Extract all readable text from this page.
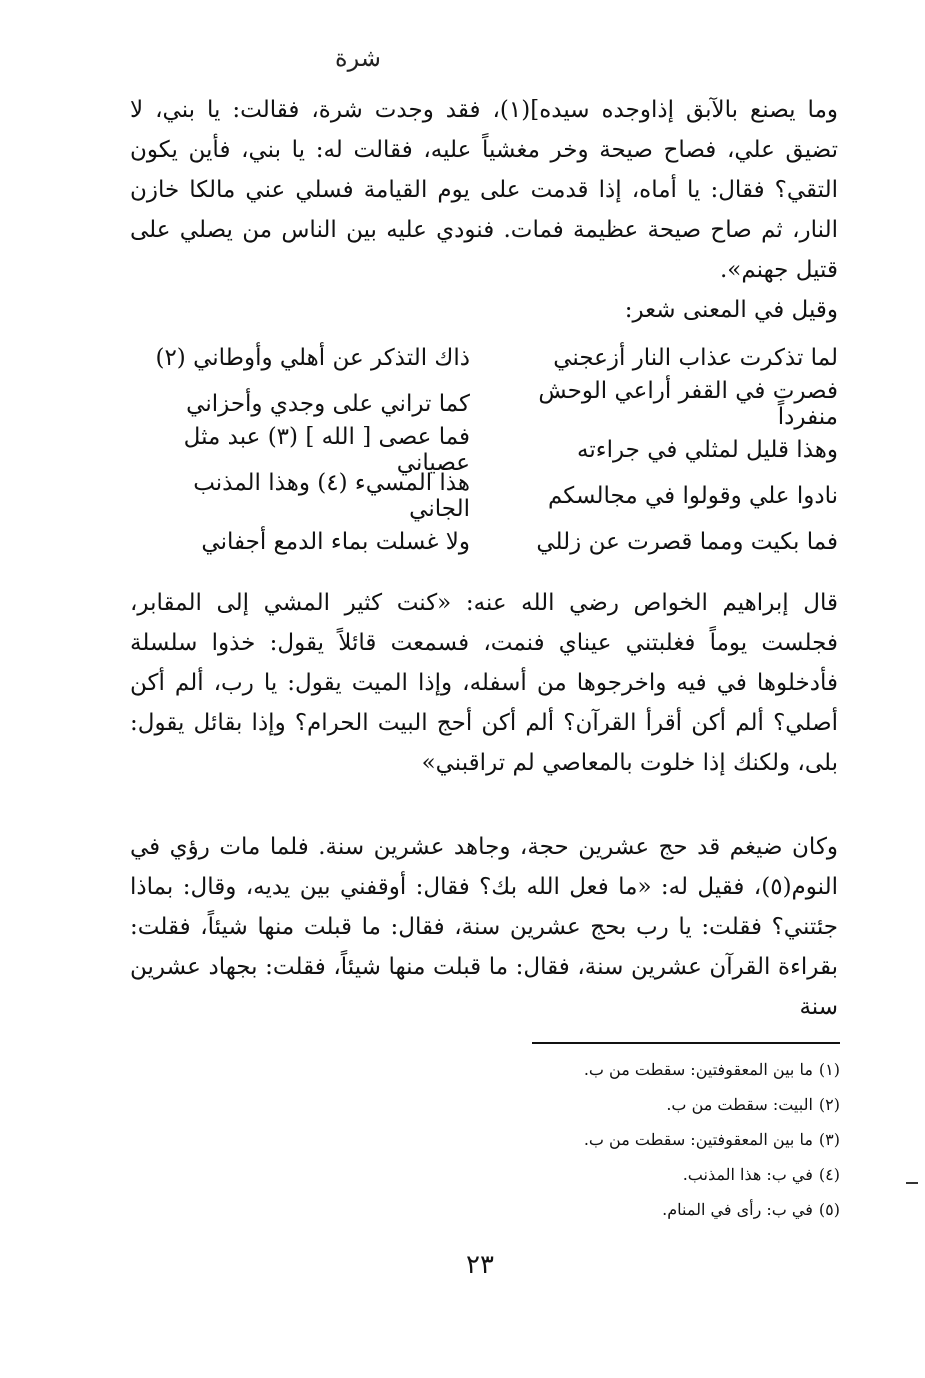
شرة
وما يصنع بالآبق إذاوجده سيده](١)، فقد وجدت شرة، فقالت: يا بني، لا تضيق علي، فصاح صيحة وخر مغشياً عليه، فقالت له: يا بني، فأين يكون التقي؟ فقال: يا أماه، إذا قدمت على يوم القيامة فسلي عني مالكا خازن النار، ثم صاح صيحة عظيمة فمات. فنودي عليه بين الناس من يصلي على قتيل جهنم».
وقيل في المعنى شعر:
لما تذكرت عذاب النار أزعجني
ذاك التذكر عن أهلي وأوطاني (٢)
فصرت في القفر أراعي الوحش منفرداً
كما تراني على وجدي وأحزاني
وهذا قليل لمثلي في جراءته
فما عصى [ الله ] (٣) عبد مثل عصياني
نادوا علي وقولوا في مجالسكم
هذا المسيء (٤) وهذا المذنب الجاني
فما بكيت ومما قصرت عن زللي
ولا غسلت بماء الدمع أجفاني
قال إبراهيم الخواص رضي الله عنه: «كنت كثير المشي إلى المقابر، فجلست يوماً فغلبتني عيناي فنمت، فسمعت قائلاً يقول: خذوا سلسلة فأدخلوها في فيه واخرجوها من أسفله، وإذا الميت يقول: يا رب، ألم أكن أصلي؟ ألم أكن أقرأ القرآن؟ ألم أكن أحج البيت الحرام؟ وإذا بقائل يقول: بلى، ولكنك إذا خلوت بالمعاصي لم تراقبني»
وكان ضيغم قد حج عشرين حجة، وجاهد عشرين سنة. فلما مات رؤي في النوم(٥)، فقيل له: «ما فعل الله بك؟ فقال: أوقفني بين يديه، وقال: بماذا جئتني؟ فقلت: يا رب بحج عشرين سنة، فقال: ما قبلت منها شيئاً، فقلت: بقراءة القرآن عشرين سنة، فقال: ما قبلت منها شيئاً، فقلت: بجهاد عشرين سنة
(١)ما بين المعقوفتين: سقطت من ب.
(٢)البيت: سقطت من ب.
(٣)ما بين المعقوفتين: سقطت من ب.
(٤)في ب: هذا المذنب.
(٥)في ب: رأى في المنام.
٢٣
